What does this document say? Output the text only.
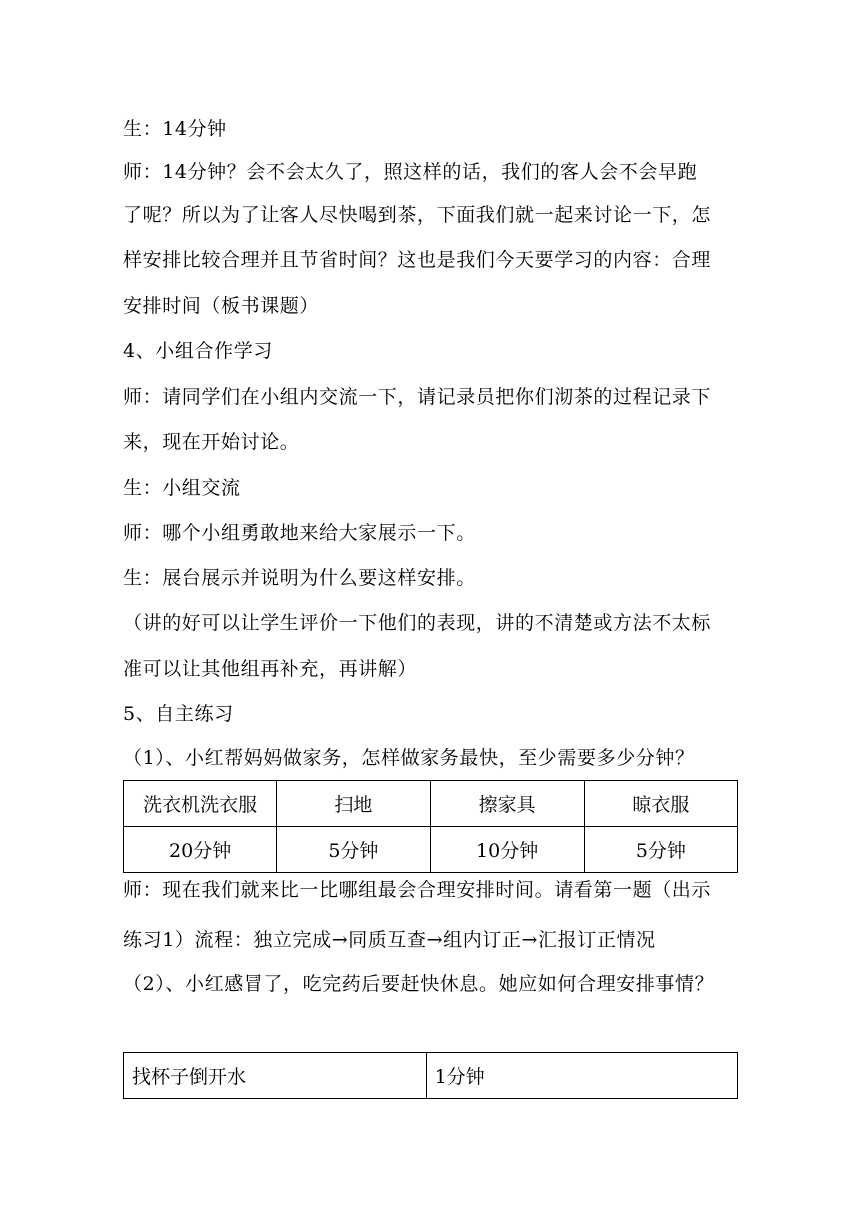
生：14分钟
师：14分钟？会不会太久了，照这样的话，我们的客人会不会早跑
了呢？所以为了让客人尽快喝到茶，下面我们就一起来讨论一下，怎
样安排比较合理并且节省时间？这也是我们今天要学习的内容：合理
安排时间（板书课题）
4、小组合作学习
师：请同学们在小组内交流一下，请记录员把你们沏茶的过程记录下
来，现在开始讨论。
生：小组交流
师：哪个小组勇敢地来给大家展示一下。
生：展台展示并说明为什么要这样安排。
（讲的好可以让学生评价一下他们的表现，讲的不清楚或方法不太标
准可以让其他组再补充，再讲解）
5、自主练习
（1）、小红帮妈妈做家务，怎样做家务最快，至少需要多少分钟？
洗衣机洗衣服	扫地	擦家具	晾衣服
20分钟	5分钟	10分钟	5分钟
师：现在我们就来比一比哪组最会合理安排时间。请看第一题（出示
练习1）流程：独立完成→同质互查→组内订正→汇报订正情况
（2）、小红感冒了，吃完药后要赶快休息。她应如何合理安排事情？
找杯子倒开水	1分钟
